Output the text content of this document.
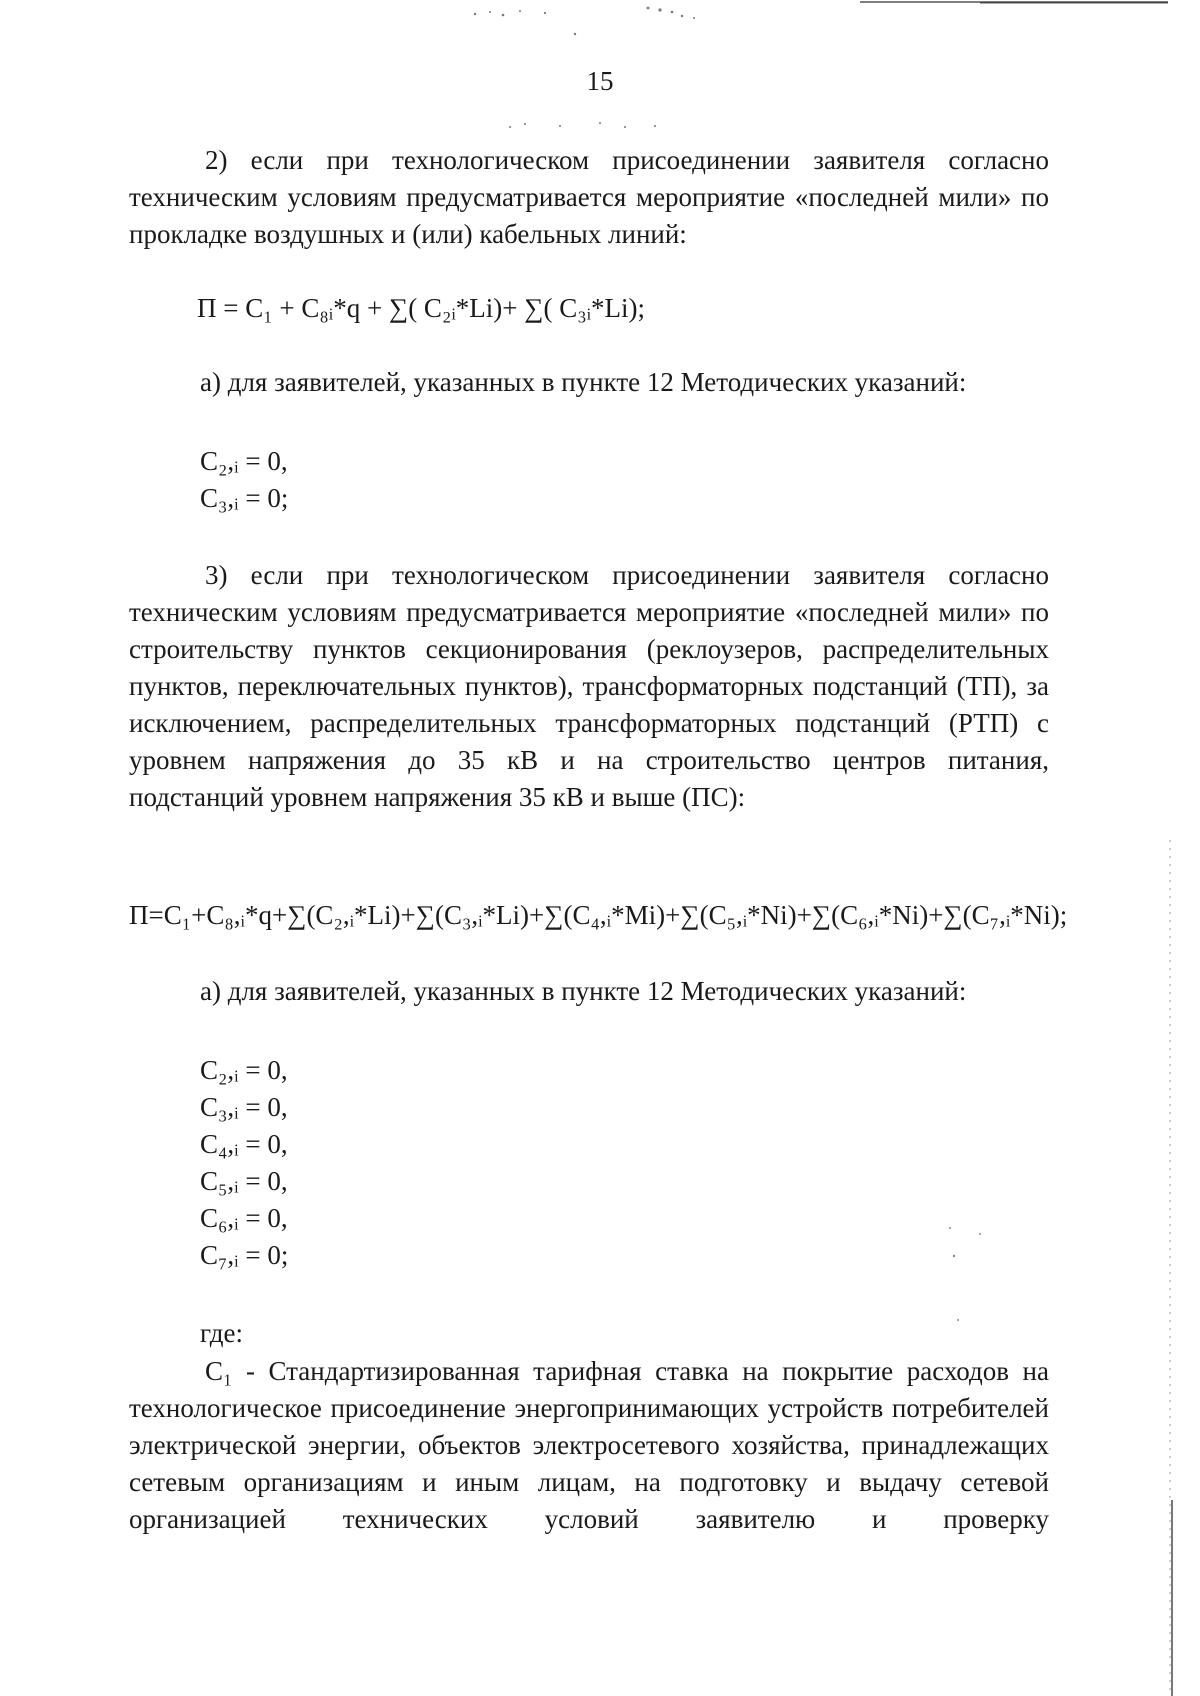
15

2) если при технологическом присоединении заявителя согласно техническим условиям предусматривается мероприятие «последней мили» по прокладке воздушных и (или) кабельных линий:

П = C₁ + C₈ᵢ*q + ∑( C₂ᵢ*Li)+ ∑( C₃ᵢ*Li);
а) для заявителей, указанных в пункте 12 Методических указаний:
C₂,ᵢ = 0,
C₃,ᵢ = 0;

3) если при технологическом присоединении заявителя согласно техническим условиям предусматривается мероприятие «последней мили» по строительству пунктов секционирования (реклоузеров, распределительных пунктов, переключательных пунктов), трансформаторных подстанций (ТП), за исключением, распределительных трансформаторных подстанций (РТП) с уровнем напряжения до 35 кВ и на строительство центров питания, подстанций уровнем напряжения 35 кВ и выше (ПС):

П=C₁+C₈,ᵢ*q+∑(C₂,ᵢ*Li)+∑(C₃,ᵢ*Li)+∑(C₄,ᵢ*Mi)+∑(C₅,ᵢ*Ni)+∑(C₆,ᵢ*Ni)+∑(C₇,ᵢ*Ni);
а) для заявителей, указанных в пункте 12 Методических указаний:
C₂,ᵢ = 0,
C₃,ᵢ = 0,
C₄,ᵢ = 0,
C₅,ᵢ = 0,
C₆,ᵢ = 0,
C₇,ᵢ = 0;
где:

C₁ - Стандартизированная тарифная ставка на покрытие расходов на технологическое присоединение энергопринимающих устройств потребителей электрической энергии, объектов электросетевого хозяйства, принадлежащих сетевым организациям и иным лицам, на подготовку и выдачу сетевой организацией технических условий заявителю и проверку
